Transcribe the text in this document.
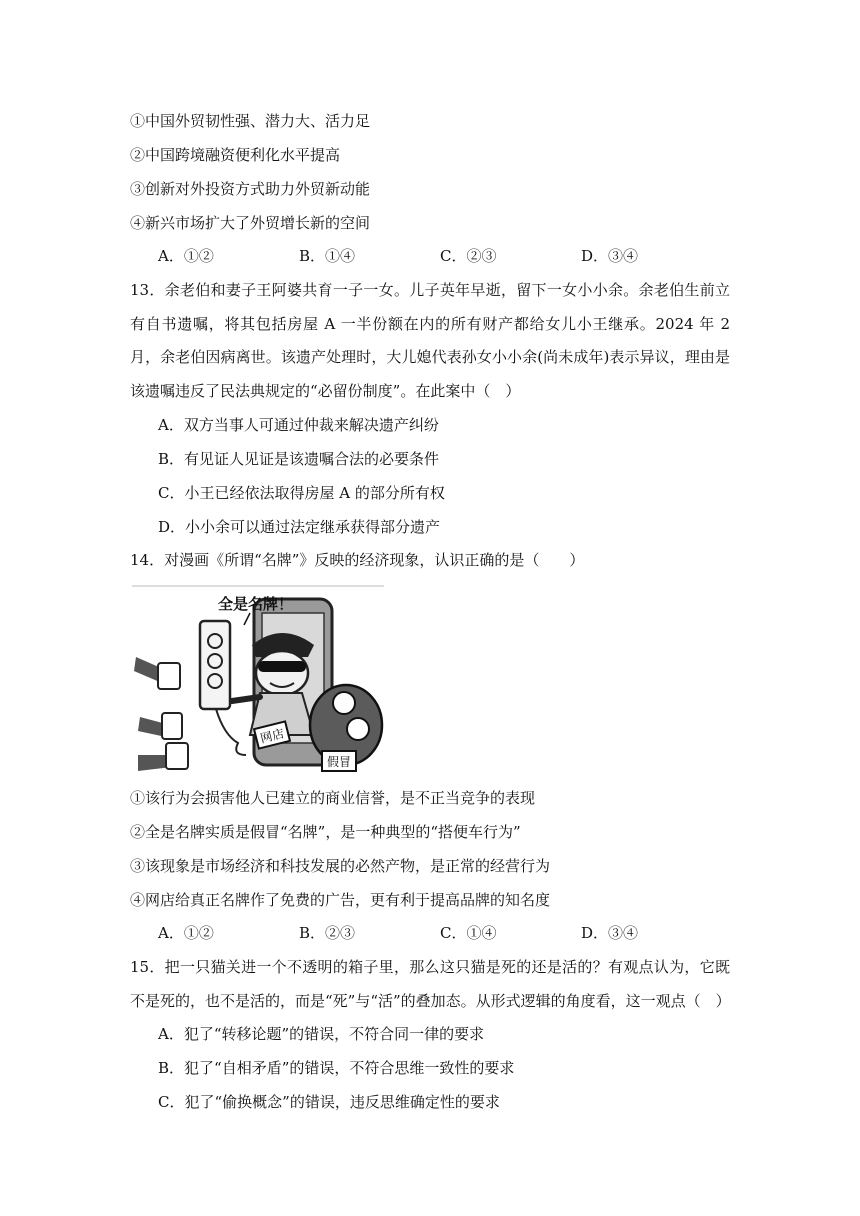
①中国外贸韧性强、潜力大、活力足
②中国跨境融资便利化水平提高
③创新对外投资方式助力外贸新动能
④新兴市场扩大了外贸增长新的空间
A．①②	B．①④	C．②③	D．③④
13．余老伯和妻子王阿婆共育一子一女。儿子英年早逝，留下一女小小余。余老伯生前立有自书遗嘱，将其包括房屋 A 一半份额在内的所有财产都给女儿小王继承。2024 年 2 月，余老伯因病离世。该遗产处理时，大儿媳代表孙女小小余(尚未成年)表示异议，理由是该遗嘱违反了民法典规定的“必留份制度”。在此案中（　）
A．双方当事人可通过仲裁来解决遗产纠纷
B．有见证人见证是该遗嘱合法的必要条件
C．小王已经依法取得房屋 A 的部分所有权
D．小小余可以通过法定继承获得部分遗产
14．对漫画《所谓“名牌”》反映的经济现象，认识正确的是（　　）
全是名牌！
网店
假冒
①该行为会损害他人已建立的商业信誉，是不正当竞争的表现
②全是名牌实质是假冒“名牌”，是一种典型的“搭便车行为”
③该现象是市场经济和科技发展的必然产物，是正常的经营行为
④网店给真正名牌作了免费的广告，更有利于提高品牌的知名度
A．①②	B．②③	C．①④	D．③④
15．把一只猫关进一个不透明的箱子里，那么这只猫是死的还是活的？有观点认为，它既不是死的，也不是活的，而是“死”与“活”的叠加态。从形式逻辑的角度看，这一观点（　）
A．犯了“转移论题”的错误，不符合同一律的要求
B．犯了“自相矛盾”的错误，不符合思维一致性的要求
C．犯了“偷换概念”的错误，违反思维确定性的要求
